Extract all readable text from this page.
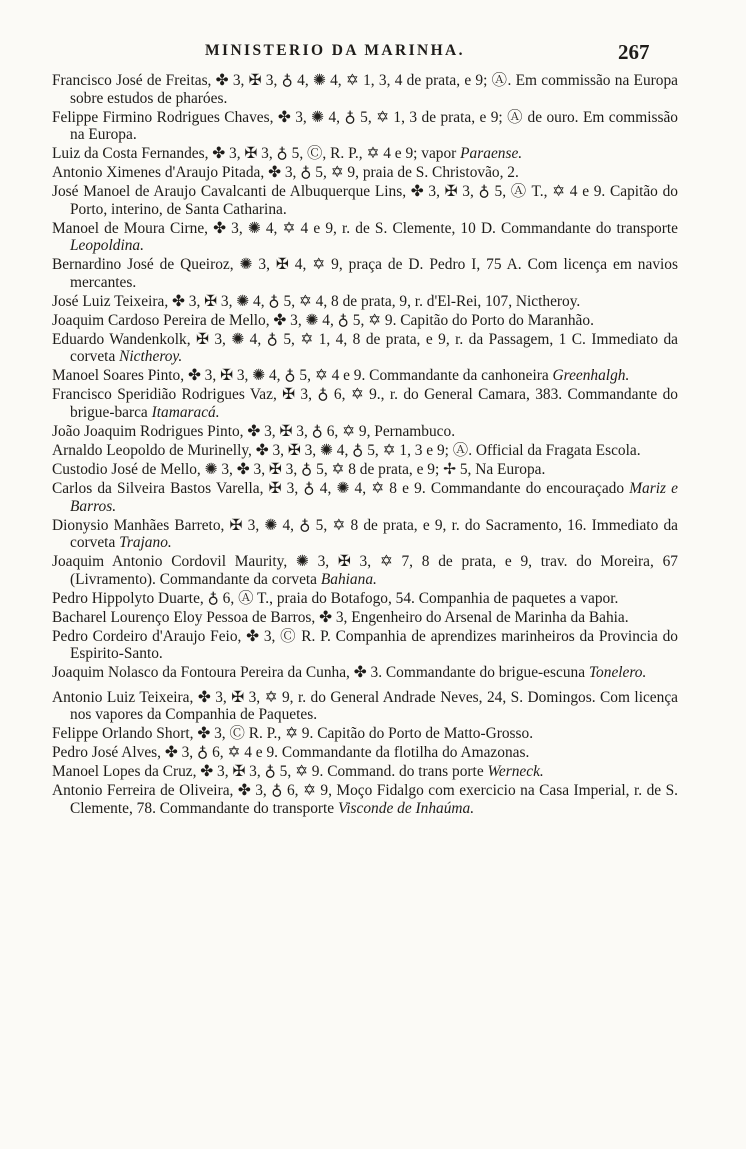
MINISTERIO DA MARINHA.	267

Francisco José de Freitas, ✤ 3, ✠ 3, ♁ 4, ✺ 4, ✡ 1, 3, 4 de prata, e 9; Ⓐ. Em commissão na Europa sobre estudos de pharóes.

Felippe Firmino Rodrigues Chaves, ✤ 3, ✺ 4, ♁ 5, ✡ 1, 3 de prata, e 9; Ⓐ de ouro. Em commissão na Europa.

Luiz da Costa Fernandes, ✤ 3, ✠ 3, ♁ 5, Ⓒ, R. P., ✡ 4 e 9; vapor Paraense.

Antonio Ximenes d'Araujo Pitada, ✤ 3, ♁ 5, ✡ 9, praia de S. Christovão, 2.

José Manoel de Araujo Cavalcanti de Albuquerque Lins, ✤ 3, ✠ 3, ♁ 5, Ⓐ T., ✡ 4 e 9. Capitão do Porto, interino, de Santa Catharina.

Manoel de Moura Cirne, ✤ 3, ✺ 4, ✡ 4 e 9, r. de S. Clemente, 10 D. Commandante do transporte Leopoldina.

Bernardino José de Queiroz, ✺ 3, ✠ 4, ✡ 9, praça de D. Pedro I, 75 A. Com licença em navios mercantes.

José Luiz Teixeira, ✤ 3, ✠ 3, ✺ 4, ♁ 5, ✡ 4, 8 de prata, 9, r. d'El-Rei, 107, Nictheroy.

Joaquim Cardoso Pereira de Mello, ✤ 3, ✺ 4, ♁ 5, ✡ 9. Capitão do Porto do Maranhão.

Eduardo Wandenkolk, ✠ 3, ✺ 4, ♁ 5, ✡ 1, 4, 8 de prata, e 9, r. da Passagem, 1 C. Immediato da corveta Nictheroy.

Manoel Soares Pinto, ✤ 3, ✠ 3, ✺ 4, ♁ 5, ✡ 4 e 9. Commandante da canhoneira Greenhalgh.

Francisco Speridião Rodrigues Vaz, ✠ 3, ♁ 6, ✡ 9., r. do General Camara, 383. Commandante do brigue-barca Itamaracá.

João Joaquim Rodrigues Pinto, ✤ 3, ✠ 3, ♁ 6, ✡ 9, Pernambuco.

Arnaldo Leopoldo de Murinelly, ✤ 3, ✠ 3, ✺ 4, ♁ 5, ✡ 1, 3 e 9; Ⓐ. Official da Fragata Escola.

Custodio José de Mello, ✺ 3, ✤ 3, ✠ 3, ♁ 5, ✡ 8 de prata, e 9; ✢ 5, Na Europa.

Carlos da Silveira Bastos Varella, ✠ 3, ♁ 4, ✺ 4, ✡ 8 e 9. Commandante do encouraçado Mariz e Barros.

Dionysio Manhães Barreto, ✠ 3, ✺ 4, ♁ 5, ✡ 8 de prata, e 9, r. do Sacramento, 16. Immediato da corveta Trajano.

Joaquim Antonio Cordovil Maurity, ✺ 3, ✠ 3, ✡ 7, 8 de prata, e 9, trav. do Moreira, 67 (Livramento). Commandante da corveta Bahiana.

Pedro Hippolyto Duarte, ♁ 6, Ⓐ T., praia do Botafogo, 54. Companhia de paquetes a vapor.

Bacharel Lourenço Eloy Pessoa de Barros, ✤ 3, Engenheiro do Arsenal de Marinha da Bahia.

Pedro Cordeiro d'Araujo Feio, ✤ 3, Ⓒ R. P. Companhia de aprendizes marinheiros da Provincia do Espirito-Santo.

Joaquim Nolasco da Fontoura Pereira da Cunha, ✤ 3. Commandante do brigue-escuna Tonelero.

Antonio Luiz Teixeira, ✤ 3, ✠ 3, ✡ 9, r. do General Andrade Neves, 24, S. Domingos. Com licença nos vapores da Companhia de Paquetes.

Felippe Orlando Short, ✤ 3, Ⓒ R. P., ✡ 9. Capitão do Porto de Matto-Grosso.

Pedro José Alves, ✤ 3, ♁ 6, ✡ 4 e 9. Commandante da flotilha do Amazonas.

Manoel Lopes da Cruz, ✤ 3, ✠ 3, ♁ 5, ✡ 9. Command. do trans porte Werneck.

Antonio Ferreira de Oliveira, ✤ 3, ♁ 6, ✡ 9, Moço Fidalgo com exercicio na Casa Imperial, r. de S. Clemente, 78. Commandante do transporte Visconde de Inhaúma.
